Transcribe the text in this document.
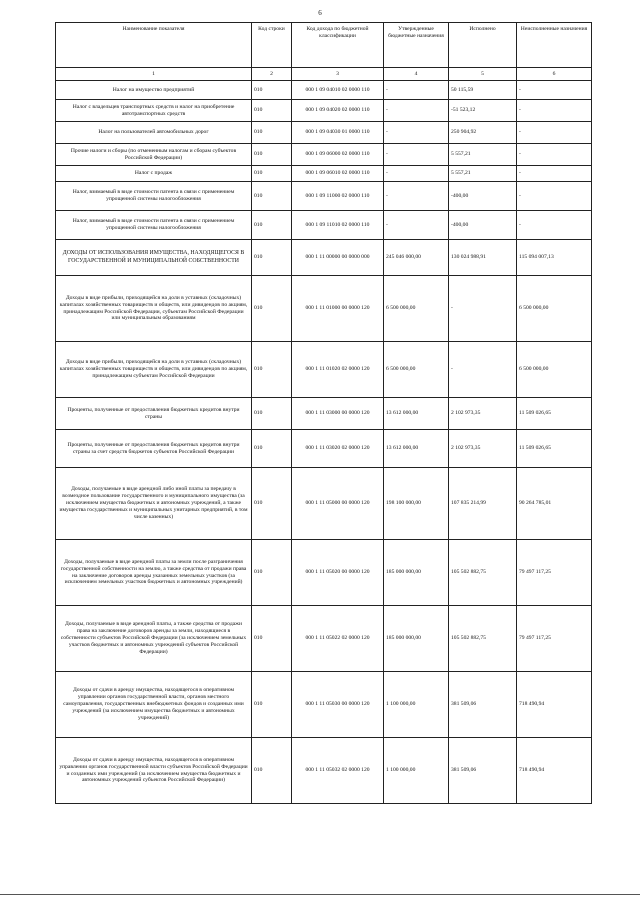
6
Наименование показателя	Код строки	Код дохода по бюджетной классификации	Утвержденные бюджетные назначения	Исполнено	Неисполненные назначения
1	2	3	4	5	6
Налог на имущество предприятий	010	000 1 09 04010 02 0000 110	-	50 115,59	-
Налог с владельцев транспортных средств и налог на приобретение автотранспортных средств	010	000 1 09 04020 02 0000 110	-	-51 523,12	-
Налог на пользователей автомобильных дорог	010	000 1 09 04030 01 0000 110	-	250 904,92	-
Прочие налоги и сборы (по отмененным налогам и сборам субъектов Российской Федерации)	010	000 1 09 06000 02 0000 110	-	5 557,21	-
Налог с продаж	010	000 1 09 06010 02 0000 110	-	5 557,21	-
Налог, взимаемый в виде стоимости патента в связи с применением упрощенной системы налогообложения	010	000 1 09 11000 02 0000 110	-	-400,00	-
Налог, взимаемый в виде стоимости патента в связи с применением упрощенной системы налогообложения	010	000 1 09 11010 02 0000 110	-	-400,00	-
ДОХОДЫ ОТ ИСПОЛЬЗОВАНИЯ ИМУЩЕСТВА, НАХОДЯЩЕГОСЯ В ГОСУДАРСТВЕННОЙ И МУНИЦИПАЛЬНОЙ СОБСТВЕННОСТИ	010	000 1 11 00000 00 0000 000	245 046 000,00	130 024 988,91	115 094 007,13
Доходы в виде прибыли, приходящейся на доли в уставных (складочных) капиталах хозяйственных товариществ и обществ, или дивидендов по акциям, принадлежащим Российской Федерации, субъектам Российской Федерации или муниципальным образованиям	010	000 1 11 01000 00 0000 120	6 500 000,00	-	6 500 000,00
Доходы в виде прибыли, приходящейся на доли в уставных (складочных) капиталах хозяйственных товариществ и обществ, или дивидендов по акциям, принадлежащим субъектам Российской Федерации	010	000 1 11 01020 02 0000 120	6 500 000,00	-	6 500 000,00
Проценты, полученные от предоставления бюджетных кредитов внутри страны	010	000 1 11 03000 00 0000 120	13 612 000,00	2 102 973,35	11 509 026,65
Проценты, полученные от предоставления бюджетных кредитов внутри страны за счет средств бюджетов субъектов Российской Федерации	010	000 1 11 03020 02 0000 120	13 612 000,00	2 102 973,35	11 509 026,65
Доходы, получаемые в виде арендной либо иной платы за передачу в возмездное пользование государственного и муниципального имущества (за исключением имущества бюджетных и автономных учреждений, а также имущества государственных и муниципальных унитарных предприятий, в том числе казенных)	010	000 1 11 05000 00 0000 120	198 100 000,00	107 835 214,99	90 264 785,01
Доходы, получаемые в виде арендной платы за земли после разграничения государственной собственности на землю, а также средства от продажи права на заключение договоров аренды указанных земельных участков (за исключением земельных участков бюджетных и автономных учреждений)	010	000 1 11 05020 00 0000 120	185 000 000,00	105 502 882,75	79 497 117,25
Доходы, получаемые в виде арендной платы, а также средства от продажи права на заключение договоров аренды за земли, находящиеся в собственности субъектов Российской Федерации (за исключением земельных участков бюджетных и автономных учреждений субъектов Российской Федерации)	010	000 1 11 05022 02 0000 120	185 000 000,00	105 502 882,75	79 497 117,25
Доходы от сдачи в аренду имущества, находящегося в оперативном управлении органов государственной власти, органов местного самоуправления, государственных внебюджетных фондов и созданных ими учреждений (за исключением имущества бюджетных и автономных учреждений)	010	000 1 11 05030 00 0000 120	1 100 000,00	381 509,06	718 490,94
Доходы от сдачи в аренду имущества, находящегося в оперативном управлении органов государственной власти субъектов Российской Федерации и созданных ими учреждений (за исключением имущества бюджетных и автономных учреждений субъектов Российской Федерации)	010	000 1 11 05032 02 0000 120	1 100 000,00	381 509,06	718 490,94
